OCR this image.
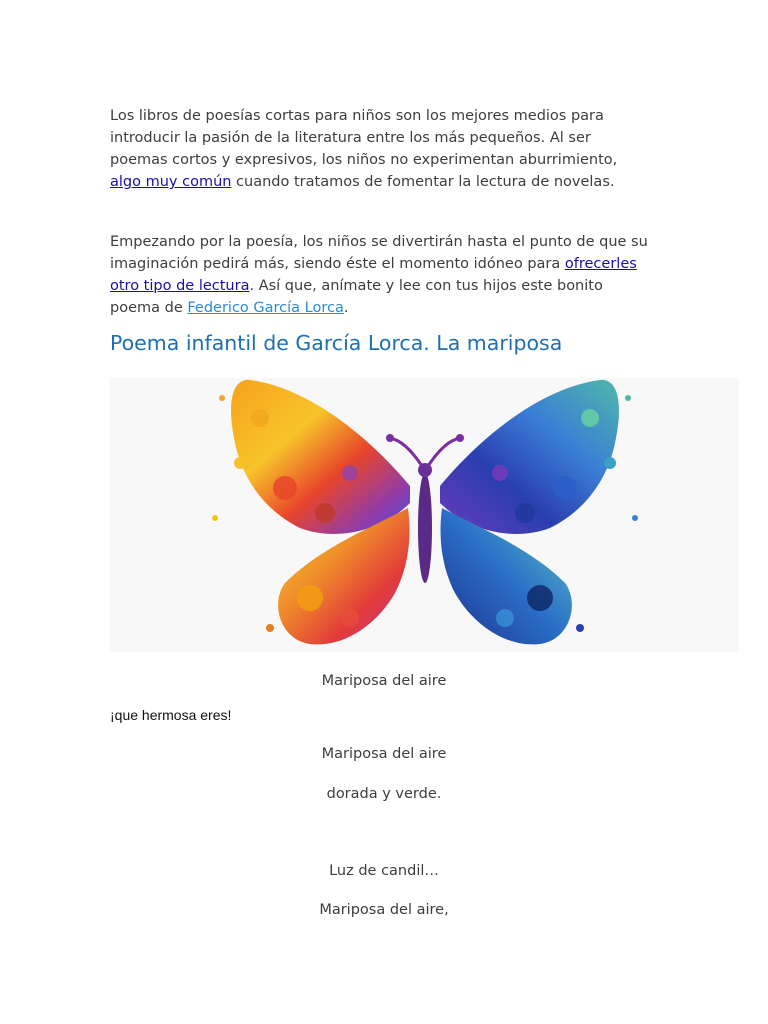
Los libros de poesías cortas para niños son los mejores medios para introducir la pasión de la literatura entre los más pequeños. Al ser poemas cortos y expresivos, los niños no experimentan aburrimiento, algo muy común cuando tratamos de fomentar la lectura de novelas.

Empezando por la poesía, los niños se divertirán hasta el punto de que su imaginación pedirá más, siendo éste el momento idóneo para ofrecerles otro tipo de lectura. Así que, anímate y lee con tus hijos este bonito poema de Federico García Lorca.

Poema infantil de García Lorca. La mariposa

Mariposa del aire

¡que hermosa eres!

Mariposa del aire

dorada y verde.

Luz de candil…

Mariposa del aire,
